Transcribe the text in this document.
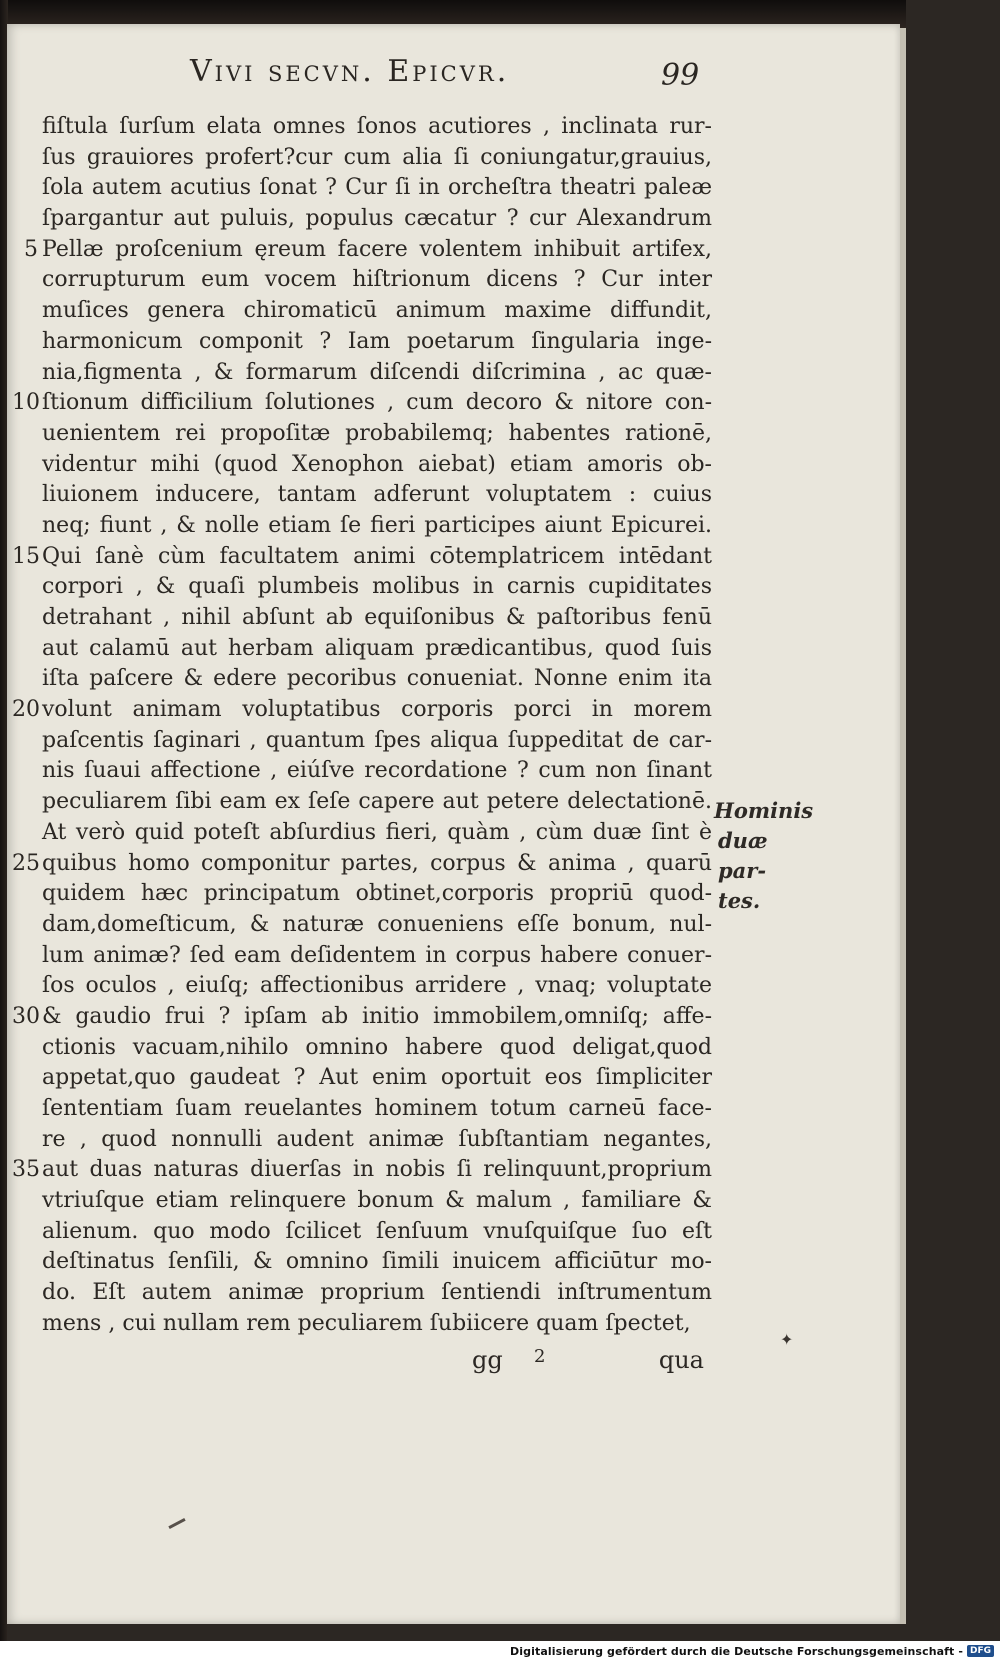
Vivi secvn. Epicvr.	99
fiſtula ſurſum elata omnes ſonos acutiores , inclinata rur-
ſus grauiores profert?cur cum alia ſi coniungatur,grauius,
ſola autem acutius ſonat ? Cur ſi in orcheſtra theatri paleæ
ſpargantur aut puluis, populus cæcatur ? cur Alexandrum
5 Pellæ proſcenium ęreum facere volentem inhibuit artifex,
corrupturum eum vocem hiſtrionum dicens ? Cur inter
muſices genera chiromaticū animum maxime diffundit,
harmonicum componit ? Iam poetarum ſingularia inge-
nia,figmenta , & formarum diſcendi diſcrimina , ac quæ-
10 ſtionum difficilium ſolutiones , cum decoro & nitore con-
uenientem rei propoſitæ probabilemq; habentes rationē,
videntur mihi (quod Xenophon aiebat) etiam amoris ob-
liuionem inducere, tantam adferunt voluptatem : cuius
neq; fiunt , & nolle etiam ſe fieri participes aiunt Epicurei.
15 Qui ſanè cùm facultatem animi cōtemplatricem intēdant
corpori , & quaſi plumbeis molibus in carnis cupiditates
detrahant , nihil abſunt ab equiſonibus & paſtoribus fenū
aut calamū aut herbam aliquam prædicantibus, quod ſuis
iſta paſcere & edere pecoribus conueniat. Nonne enim ita
20 volunt animam voluptatibus corporis porci in morem
paſcentis ſaginari , quantum ſpes aliqua ſuppeditat de car-
nis ſuaui affectione , eiúſve recordatione ? cum non ſinant
peculiarem ſibi eam ex ſeſe capere aut petere delectationē.
At verò quid poteſt abſurdius fieri, quàm , cùm duæ ſint è
25 quibus homo componitur partes, corpus & anima , quarū
quidem hæc principatum obtinet,corporis propriū quod-
dam,domeſticum, & naturæ conueniens eſſe bonum, nul-
lum animæ? ſed eam deſidentem in corpus habere conuer-
ſos oculos , eiuſq; affectionibus arridere , vnaq; voluptate
30 & gaudio frui ? ipſam ab initio immobilem,omniſq; affe-
ctionis vacuam,nihilo omnino habere quod deligat,quod
appetat,quo gaudeat ? Aut enim oportuit eos ſimpliciter
ſententiam ſuam reuelantes hominem totum carneū face-
re , quod nonnulli audent animæ ſubſtantiam negantes,
35 aut duas naturas diuerſas in nobis ſi relinquunt,proprium
vtriuſque etiam relinquere bonum & malum , familiare &
alienum. quo modo ſcilicet ſenſuum vnuſquiſque ſuo eſt
deſtinatus ſenſili, & omnino ſimili inuicem afficiūtur mo-
do. Eſt autem animæ proprium ſentiendi inſtrumentum
mens , cui nullam rem peculiarem ſubiicere quam ſpectet,
Hominis
duæ par-
tes.
gg 2	qua
✦
Digitalisierung gefördert durch die Deutsche Forschungsgemeinschaft - DFG
